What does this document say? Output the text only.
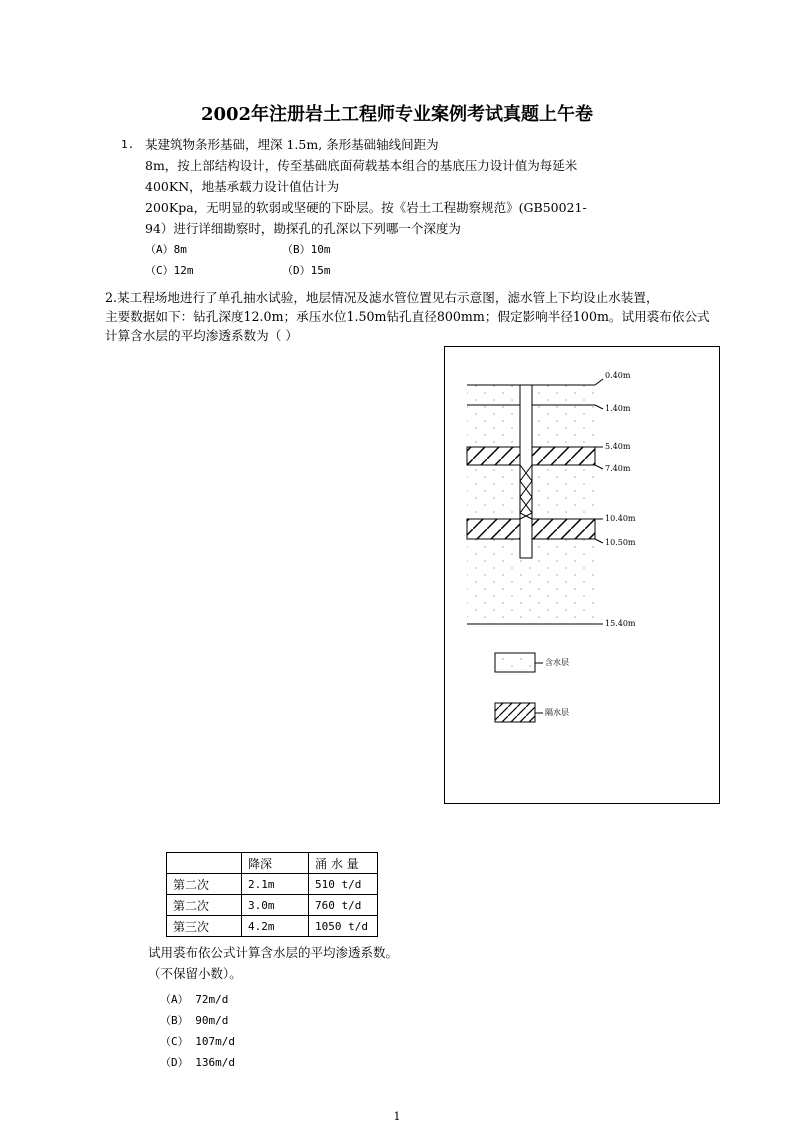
2002年注册岩土工程师专业案例考试真题上午卷
1. 某建筑物条形基础，埋深 1.5m, 条形基础轴线间距为
8m，按上部结构设计，传至基础底面荷载基本组合的基底压力设计值为每延米
400KN，地基承载力设计值估计为
200Kpa，无明显的软弱或坚硬的下卧层。按《岩土工程勘察规范》(GB50021-
94）进行详细勘察时，勘探孔的孔深以下列哪一个深度为
（A）8m	（B）10m
（C）12m	（D）15m
2.某工程场地进行了单孔抽水试验，地层情况及滤水管位置见右示意图，滤水管上下均设止水装置，
主要数据如下：钻孔深度12.0m；承压水位1.50m钻孔直径800mm；假定影响半径100m。试用裘布依公式
计算含水层的平均渗透系数为（ ）
0.40m
1.40m
5.40m
7.40m
10.40m
10.50m
15.40m
含水层
隔水层
	降深	涌 水 量
第二次	2.1m	510 t/d
第二次	3.0m	760 t/d
第三次	4.2m	1050 t/d
试用裘布依公式计算含水层的平均渗透系数。
（不保留小数）。
（A） 72m/d
（B） 90m/d
（C） 107m/d
（D） 136m/d
1
